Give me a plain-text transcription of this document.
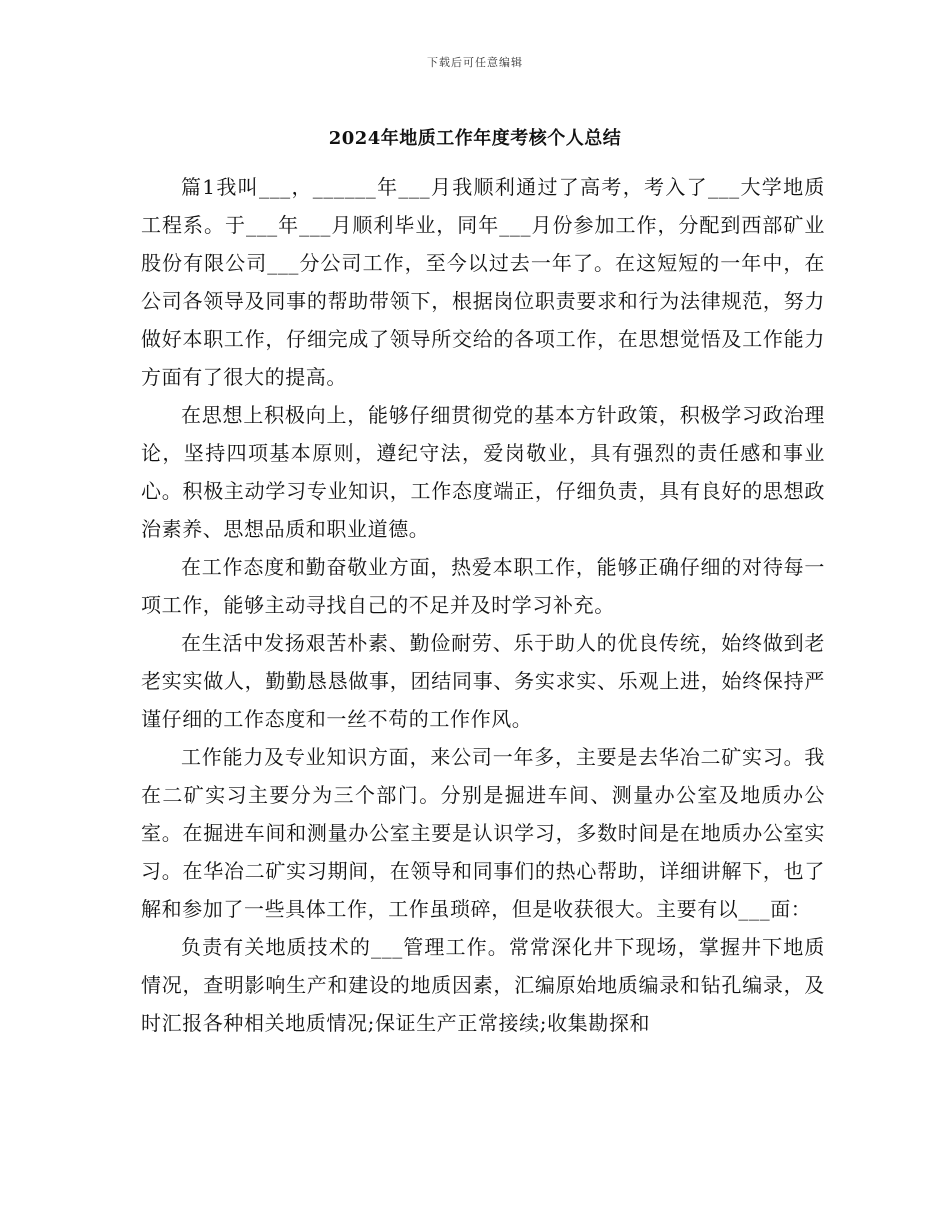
下载后可任意编辑
2024年地质工作年度考核个人总结

篇1我叫___，______年___月我顺利通过了高考，考入了___大学地质工程系。于___年___月顺利毕业，同年___月份参加工作，分配到西部矿业股份有限公司___分公司工作，至今以过去一年了。在这短短的一年中，在公司各领导及同事的帮助带领下，根据岗位职责要求和行为法律规范，努力做好本职工作，仔细完成了领导所交给的各项工作，在思想觉悟及工作能力方面有了很大的提高。

在思想上积极向上，能够仔细贯彻党的基本方针政策，积极学习政治理论，坚持四项基本原则，遵纪守法，爱岗敬业，具有强烈的责任感和事业心。积极主动学习专业知识，工作态度端正，仔细负责，具有良好的思想政治素养、思想品质和职业道德。

在工作态度和勤奋敬业方面，热爱本职工作，能够正确仔细的对待每一项工作，能够主动寻找自己的不足并及时学习补充。

在生活中发扬艰苦朴素、勤俭耐劳、乐于助人的优良传统，始终做到老老实实做人，勤勤恳恳做事，团结同事、务实求实、乐观上进，始终保持严谨仔细的工作态度和一丝不苟的工作作风。

工作能力及专业知识方面，来公司一年多，主要是去华冶二矿实习。我在二矿实习主要分为三个部门。分别是掘进车间、测量办公室及地质办公室。在掘进车间和测量办公室主要是认识学习，多数时间是在地质办公室实习。在华冶二矿实习期间，在领导和同事们的热心帮助，详细讲解下，也了解和参加了一些具体工作，工作虽琐碎，但是收获很大。主要有以___面：

负责有关地质技术的___管理工作。常常深化井下现场，掌握井下地质情况，查明影响生产和建设的地质因素，汇编原始地质编录和钻孔编录，及时汇报各种相关地质情况;保证生产正常接续;收集勘探和
